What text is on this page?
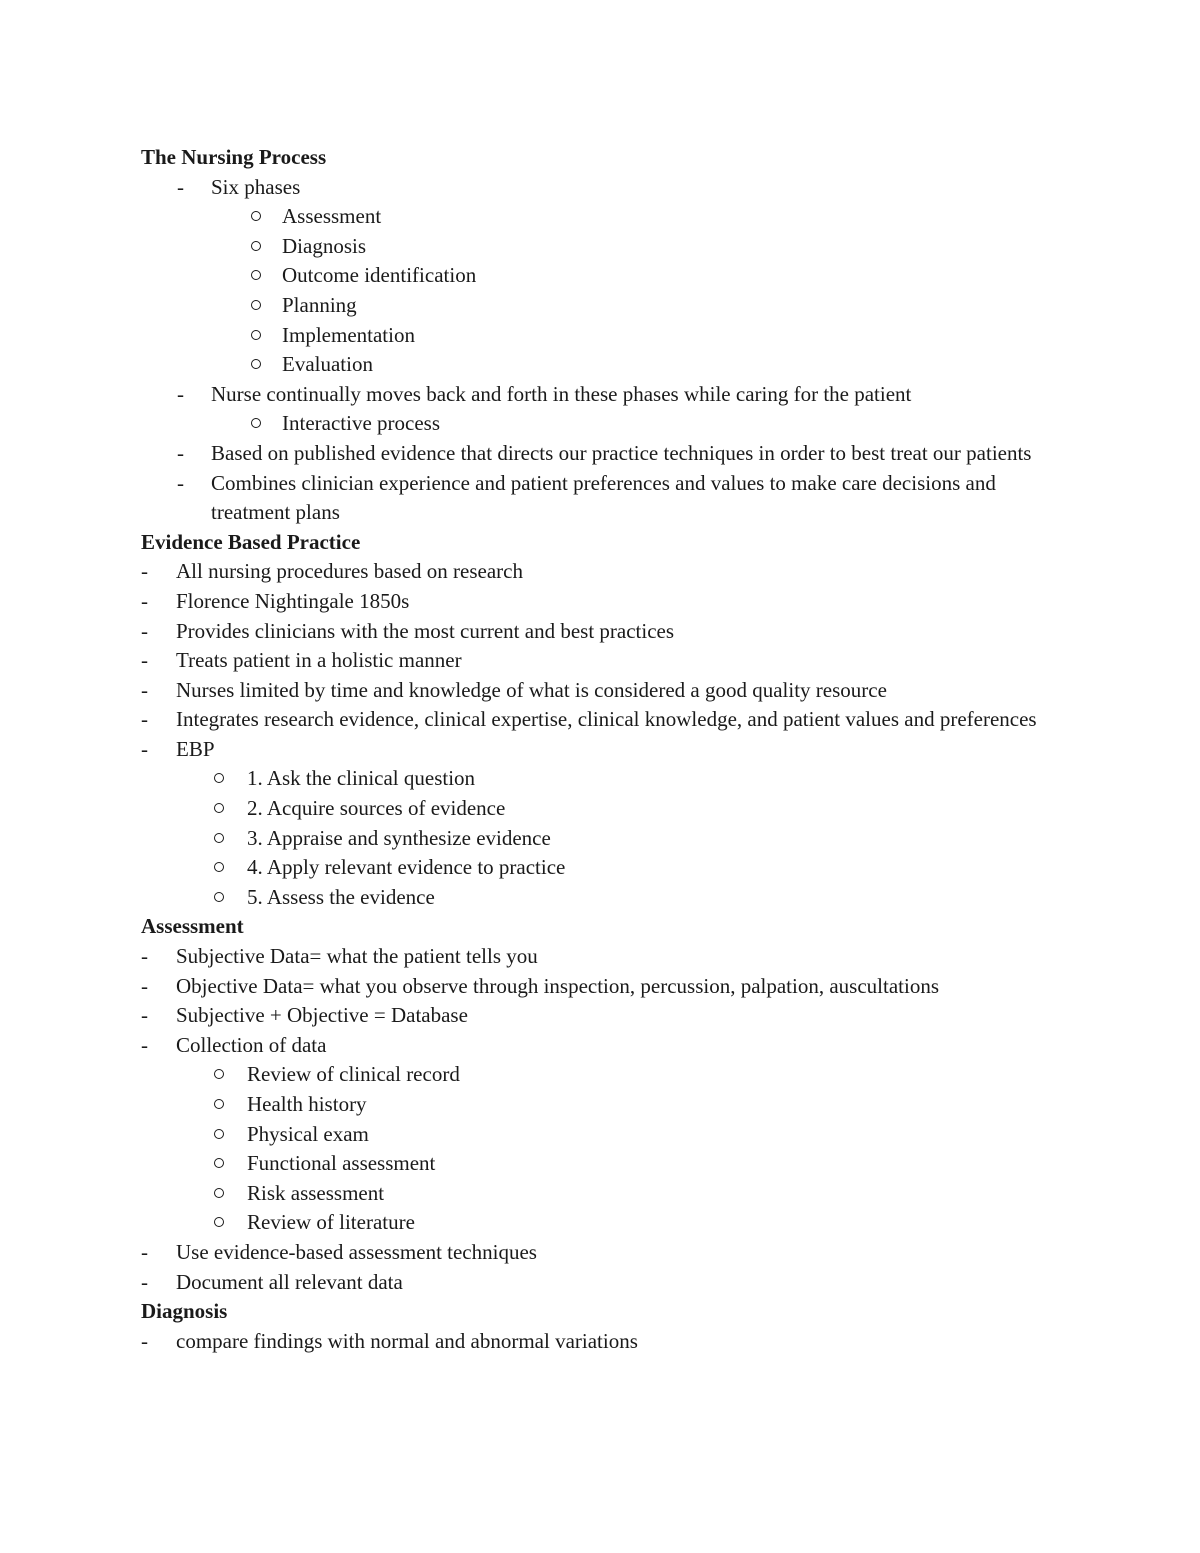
The Nursing Process

- Six phases

Assessment

Diagnosis

Outcome identification

Planning

Implementation

Evaluation

- Nurse continually moves back and forth in these phases while caring for the patient

Interactive process

- Based on published evidence that directs our practice techniques in order to best treat our patients

- Combines clinician experience and patient preferences and values to make care decisions and treatment plans

Evidence Based Practice

- All nursing procedures based on research

- Florence Nightingale 1850s

- Provides clinicians with the most current and best practices

- Treats patient in a holistic manner

- Nurses limited by time and knowledge of what is considered a good quality resource

- Integrates research evidence, clinical expertise, clinical knowledge, and patient values and preferences

- EBP

1. Ask the clinical question

2. Acquire sources of evidence

3. Appraise and synthesize evidence

4. Apply relevant evidence to practice

5. Assess the evidence

Assessment

- Subjective Data= what the patient tells you

- Objective Data= what you observe through inspection, percussion, palpation, auscultations

- Subjective + Objective = Database

- Collection of data

Review of clinical record

Health history

Physical exam

Functional assessment

Risk assessment

Review of literature

- Use evidence-based assessment techniques

- Document all relevant data

Diagnosis

- compare findings with normal and abnormal variations
